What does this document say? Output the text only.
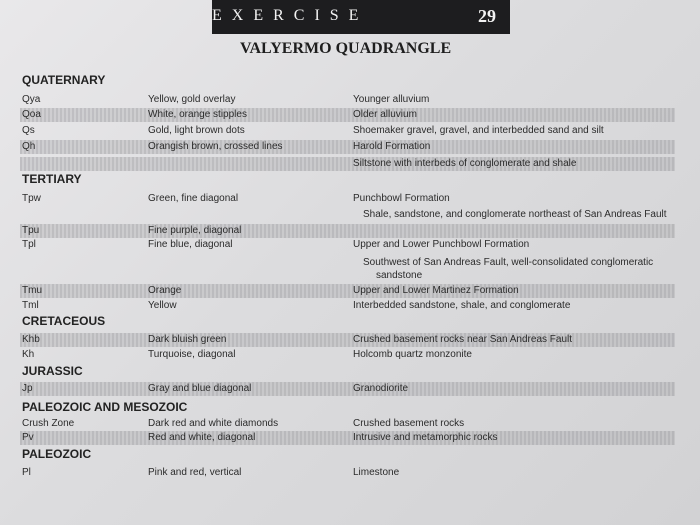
EXERCISE	29
VALYERMO QUADRANGLE
QUATERNARY
TERTIARY
CRETACEOUS
JURASSIC
PALEOZOIC AND MESOZOIC
PALEOZOIC
Qya	Yellow, gold overlay	Younger alluvium
Qoa	White, orange stipples	Older alluvium
Qs	Gold, light brown dots	Shoemaker gravel, gravel, and interbedded sand and silt
Qh	Orangish brown, crossed lines	Harold Formation
Siltstone with interbeds of conglomerate and shale
Tpw	Green, fine diagonal	Punchbowl Formation
Shale, sandstone, and conglomerate northeast of San Andreas Fault
Tpu	Fine purple, diagonal
Tpl	Fine blue, diagonal	Upper and Lower Punchbowl Formation
Southwest of San Andreas Fault, well-consolidated conglomeratic
sandstone
Tmu	Orange	Upper and Lower Martinez Formation
Tml	Yellow	Interbedded sandstone, shale, and conglomerate
Khb	Dark bluish green	Crushed basement rocks near San Andreas Fault
Kh	Turquoise, diagonal	Holcomb quartz monzonite
Jp	Gray and blue diagonal	Granodiorite
Crush Zone	Dark red and white diamonds	Crushed basement rocks
Pv	Red and white, diagonal	Intrusive and metamorphic rocks
Pl	Pink and red, vertical	Limestone
